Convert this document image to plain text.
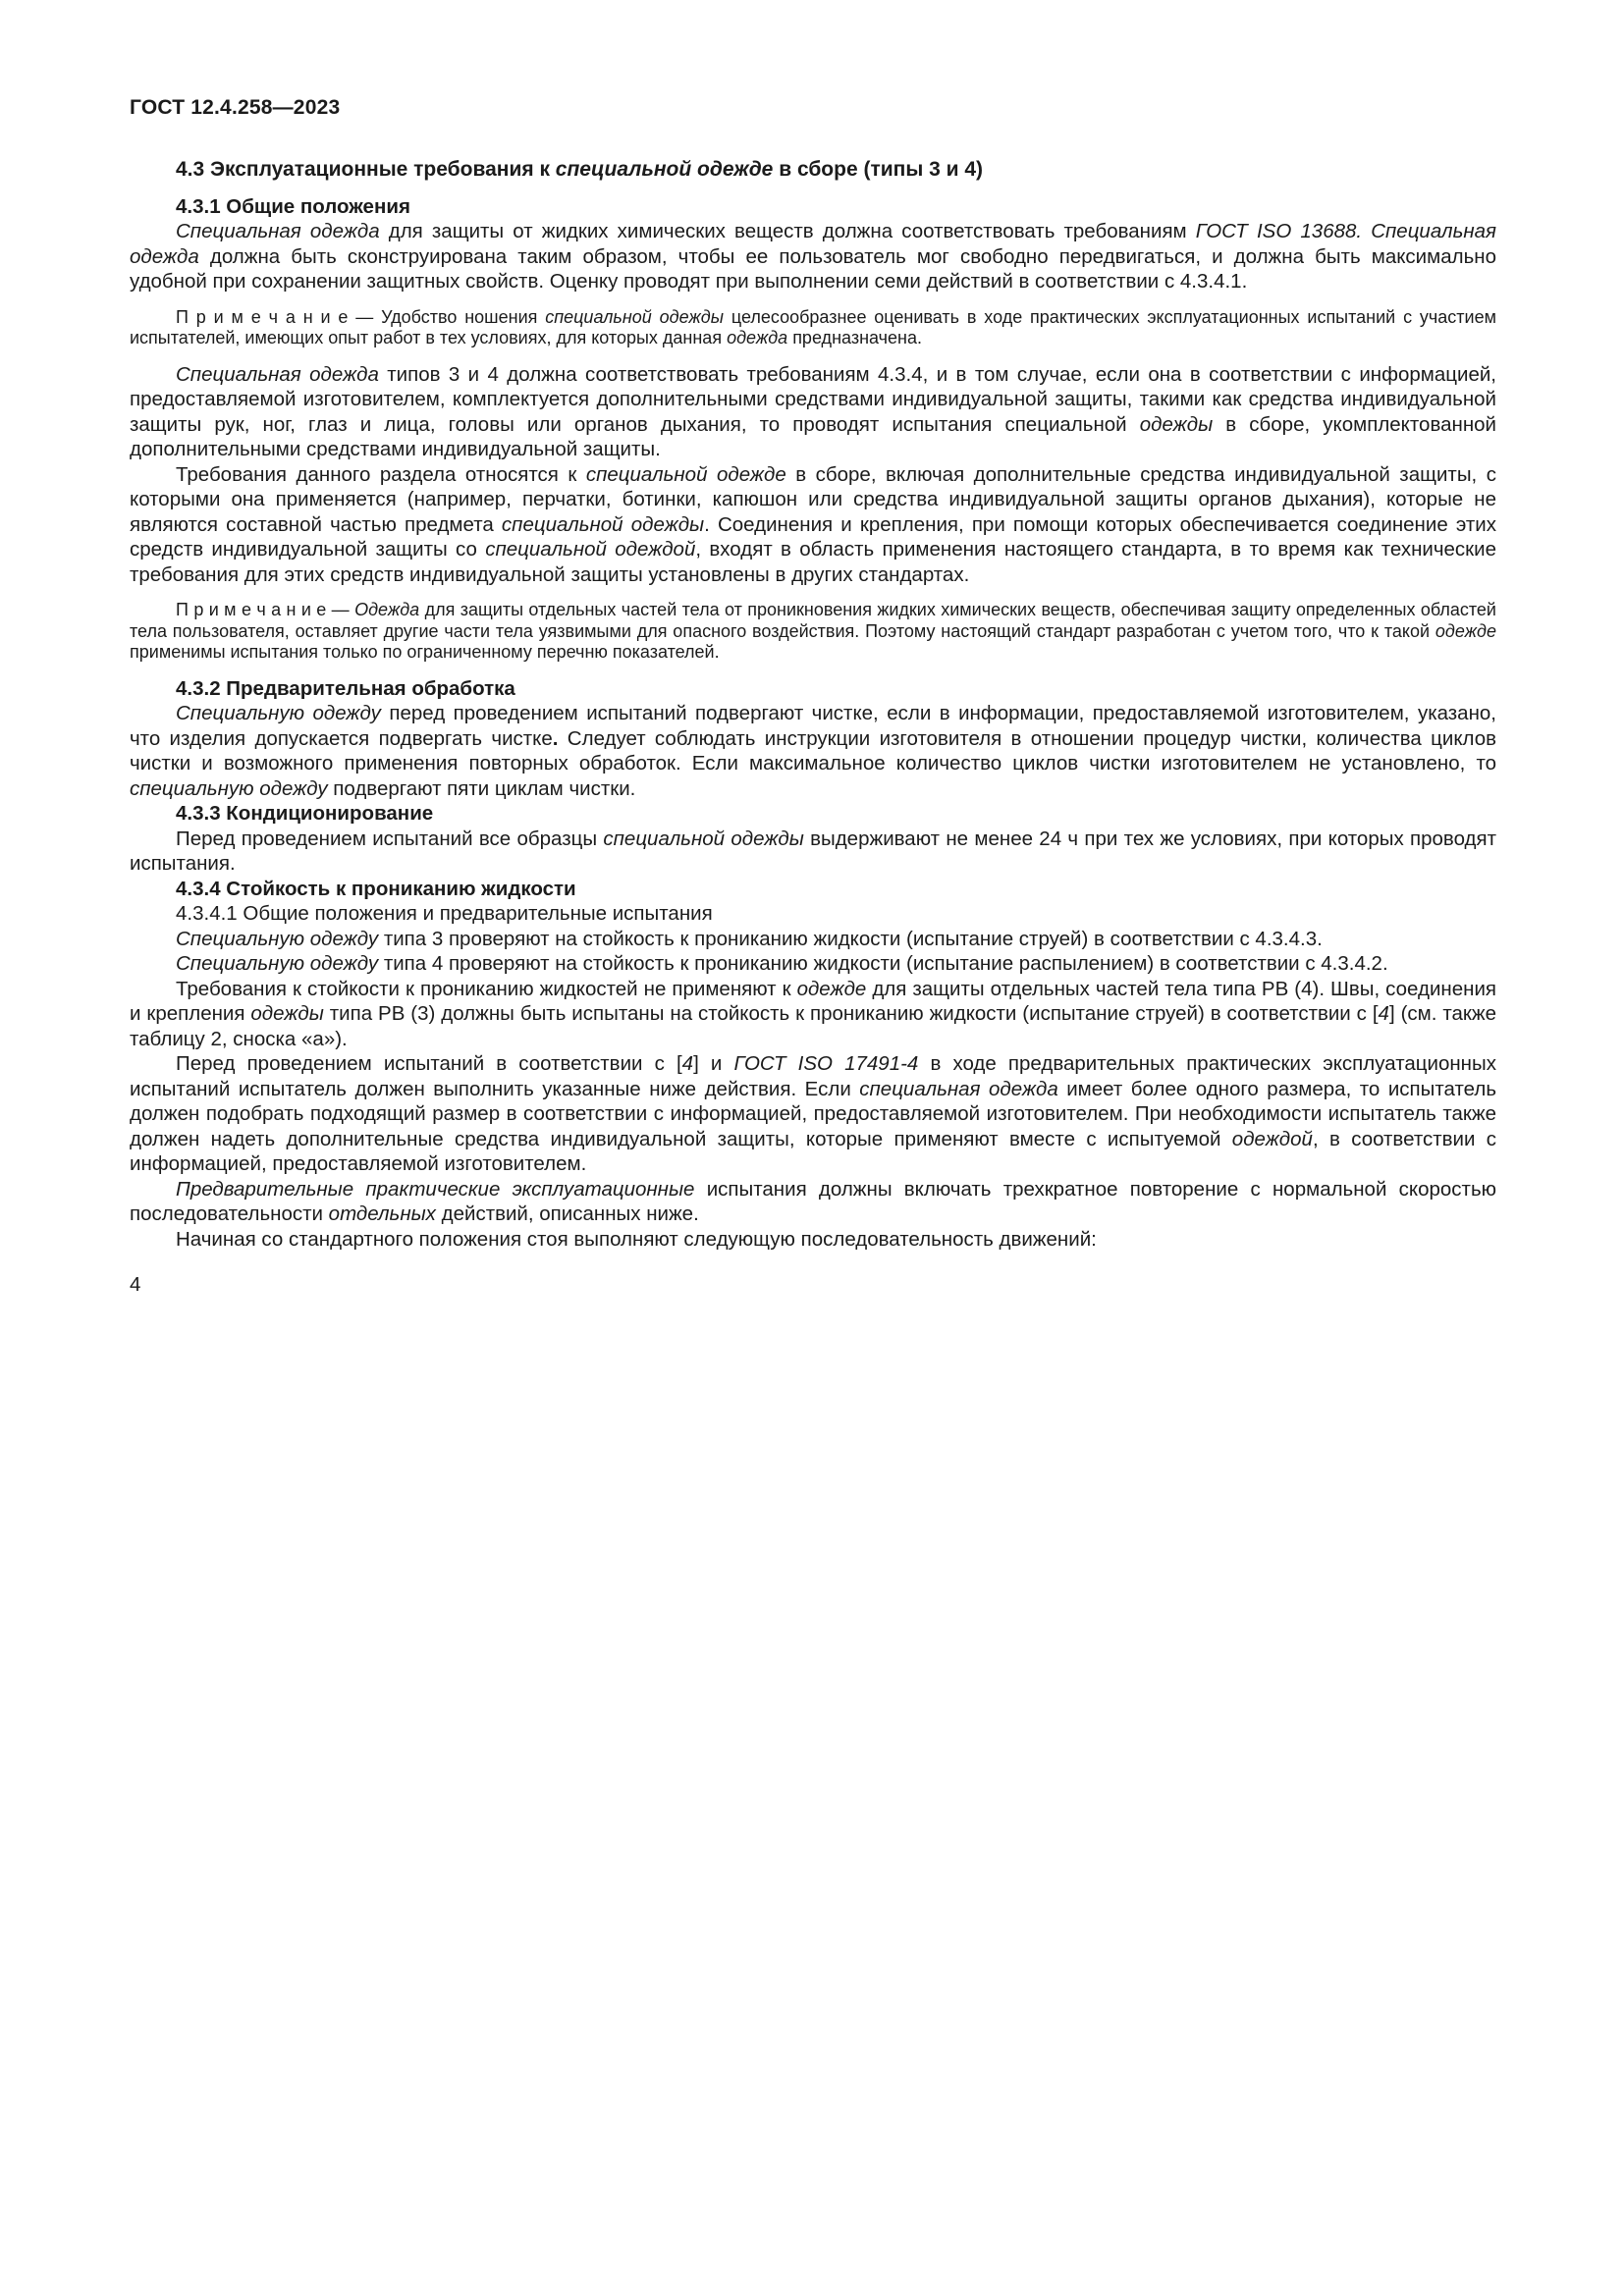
ГОСТ 12.4.258—2023

4.3 Эксплуатационные требования к специальной одежде в сборе (типы 3 и 4)

4.3.1 Общие положения

Специальная одежда для защиты от жидких химических веществ должна соответствовать требованиям ГОСТ ISO 13688. Специальная одежда должна быть сконструирована таким образом, чтобы ее пользователь мог свободно передвигаться, и должна быть максимально удобной при сохранении защитных свойств. Оценку проводят при выполнении семи действий в соответствии с 4.3.4.1.

П р и м е ч а н и е — Удобство ношения специальной одежды целесообразнее оценивать в ходе практических эксплуатационных испытаний с участием испытателей, имеющих опыт работ в тех условиях, для которых данная одежда предназначена.

Специальная одежда типов 3 и 4 должна соответствовать требованиям 4.3.4, и в том случае, если она в соответствии с информацией, предоставляемой изготовителем, комплектуется дополнительными средствами индивидуальной защиты, такими как средства индивидуальной защиты рук, ног, глаз и лица, головы или органов дыхания, то проводят испытания специальной одежды в сборе, укомплектованной дополнительными средствами индивидуальной защиты.

Требования данного раздела относятся к специальной одежде в сборе, включая дополнительные средства индивидуальной защиты, с которыми она применяется (например, перчатки, ботинки, капюшон или средства индивидуальной защиты органов дыхания), которые не являются составной частью предмета специальной одежды. Соединения и крепления, при помощи которых обеспечивается соединение этих средств индивидуальной защиты со специальной одеждой, входят в область применения настоящего стандарта, в то время как технические требования для этих средств индивидуальной защиты установлены в других стандартах.

П р и м е ч а н и е — Одежда для защиты отдельных частей тела от проникновения жидких химических веществ, обеспечивая защиту определенных областей тела пользователя, оставляет другие части тела уязвимыми для опасного воздействия. Поэтому настоящий стандарт разработан с учетом того, что к такой одежде применимы испытания только по ограниченному перечню показателей.

4.3.2 Предварительная обработка

Специальную одежду перед проведением испытаний подвергают чистке, если в информации, предоставляемой изготовителем, указано, что изделия допускается подвергать чистке. Следует соблюдать инструкции изготовителя в отношении процедур чистки, количества циклов чистки и возможного применения повторных обработок. Если максимальное количество циклов чистки изготовителем не установлено, то специальную одежду подвергают пяти циклам чистки.

4.3.3 Кондиционирование

Перед проведением испытаний все образцы специальной одежды выдерживают не менее 24 ч при тех же условиях, при которых проводят испытания.

4.3.4 Стойкость к прониканию жидкости

4.3.4.1 Общие положения и предварительные испытания

Специальную одежду типа 3 проверяют на стойкость к прониканию жидкости (испытание струей) в соответствии с 4.3.4.3.

Специальную одежду типа 4 проверяют на стойкость к прониканию жидкости (испытание распылением) в соответствии с 4.3.4.2.

Требования к стойкости к прониканию жидкостей не применяют к одежде для защиты отдельных частей тела типа РВ (4). Швы, соединения и крепления одежды типа РВ (3) должны быть испытаны на стойкость к прониканию жидкости (испытание струей) в соответствии с [4] (см. также таблицу 2, сноска «а»).

Перед проведением испытаний в соответствии с [4] и ГОСТ ISO 17491-4 в ходе предварительных практических эксплуатационных испытаний испытатель должен выполнить указанные ниже действия. Если специальная одежда имеет более одного размера, то испытатель должен подобрать подходящий размер в соответствии с информацией, предоставляемой изготовителем. При необходимости испытатель также должен надеть дополнительные средства индивидуальной защиты, которые применяют вместе с испытуемой одеждой, в соответствии с информацией, предоставляемой изготовителем.

Предварительные практические эксплуатационные испытания должны включать трехкратное повторение с нормальной скоростью последовательности отдельных действий, описанных ниже.

Начиная со стандартного положения стоя выполняют следующую последовательность движений:

4
